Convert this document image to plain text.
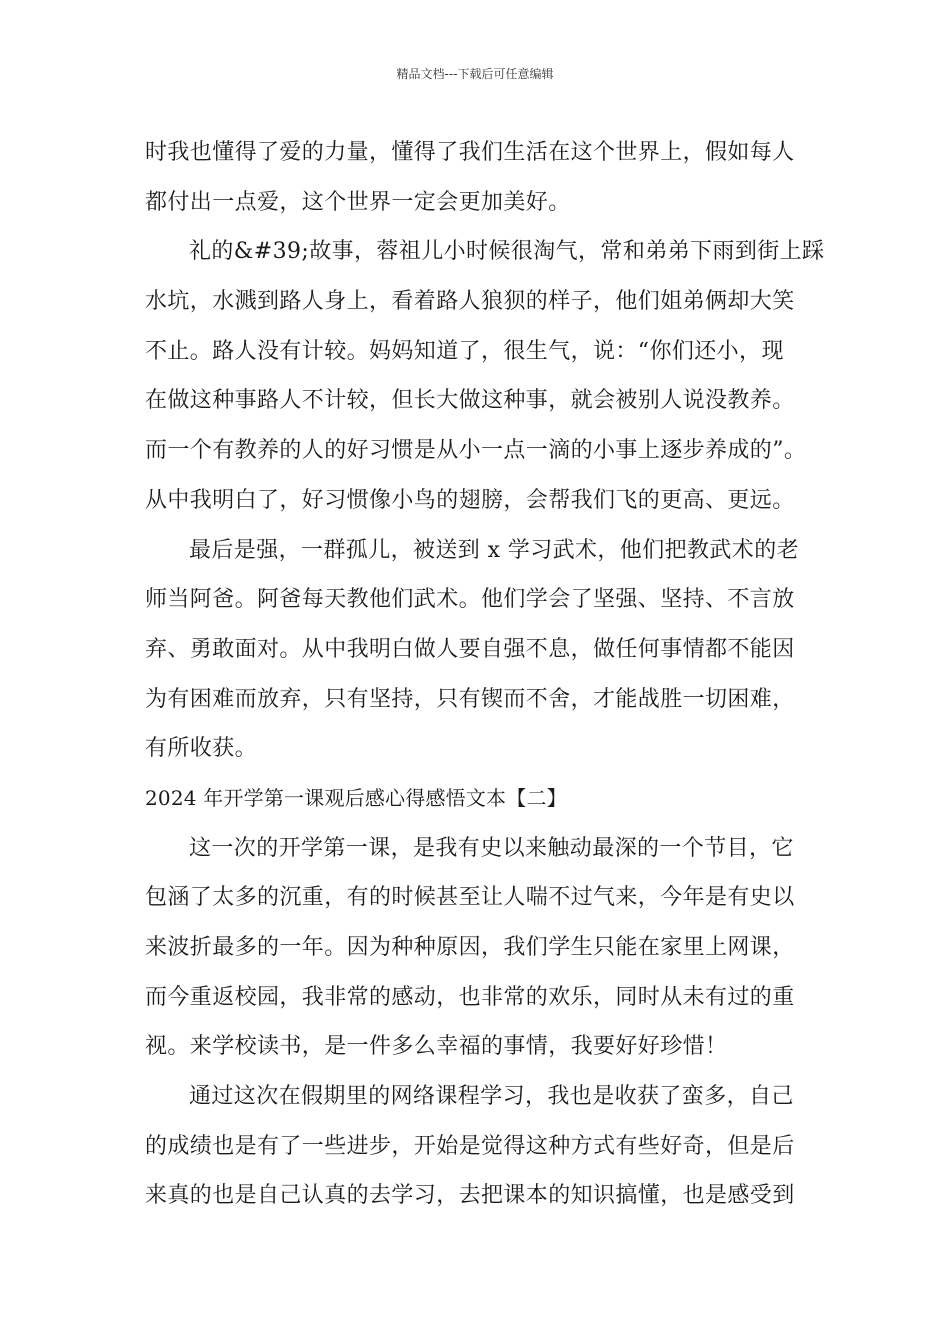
精品文档---下载后可任意编辑
时我也懂得了爱的力量，懂得了我们生活在这个世界上，假如每人
都付出一点爱，这个世界一定会更加美好。
礼的&#39;故事，蓉祖儿小时候很淘气，常和弟弟下雨到街上踩
水坑，水溅到路人身上，看着路人狼狈的样子，他们姐弟俩却大笑
不止。路人没有计较。妈妈知道了，很生气，说：“你们还小，现
在做这种事路人不计较，但长大做这种事，就会被别人说没教养。
而一个有教养的人的好习惯是从小一点一滴的小事上逐步养成的”。
从中我明白了，好习惯像小鸟的翅膀，会帮我们飞的更高、更远。
最后是强，一群孤儿，被送到 x 学习武术，他们把教武术的老
师当阿爸。阿爸每天教他们武术。他们学会了坚强、坚持、不言放
弃、勇敢面对。从中我明白做人要自强不息，做任何事情都不能因
为有困难而放弃，只有坚持，只有锲而不舍，才能战胜一切困难，
有所收获。
2024 年开学第一课观后感心得感悟文本【二】
这一次的开学第一课，是我有史以来触动最深的一个节目，它
包涵了太多的沉重，有的时候甚至让人喘不过气来，今年是有史以
来波折最多的一年。因为种种原因，我们学生只能在家里上网课，
而今重返校园，我非常的感动，也非常的欢乐，同时从未有过的重
视。来学校读书，是一件多么幸福的事情，我要好好珍惜！
通过这次在假期里的网络课程学习，我也是收获了蛮多，自己
的成绩也是有了一些进步，开始是觉得这种方式有些好奇，但是后
来真的也是自己认真的去学习，去把课本的知识搞懂，也是感受到
